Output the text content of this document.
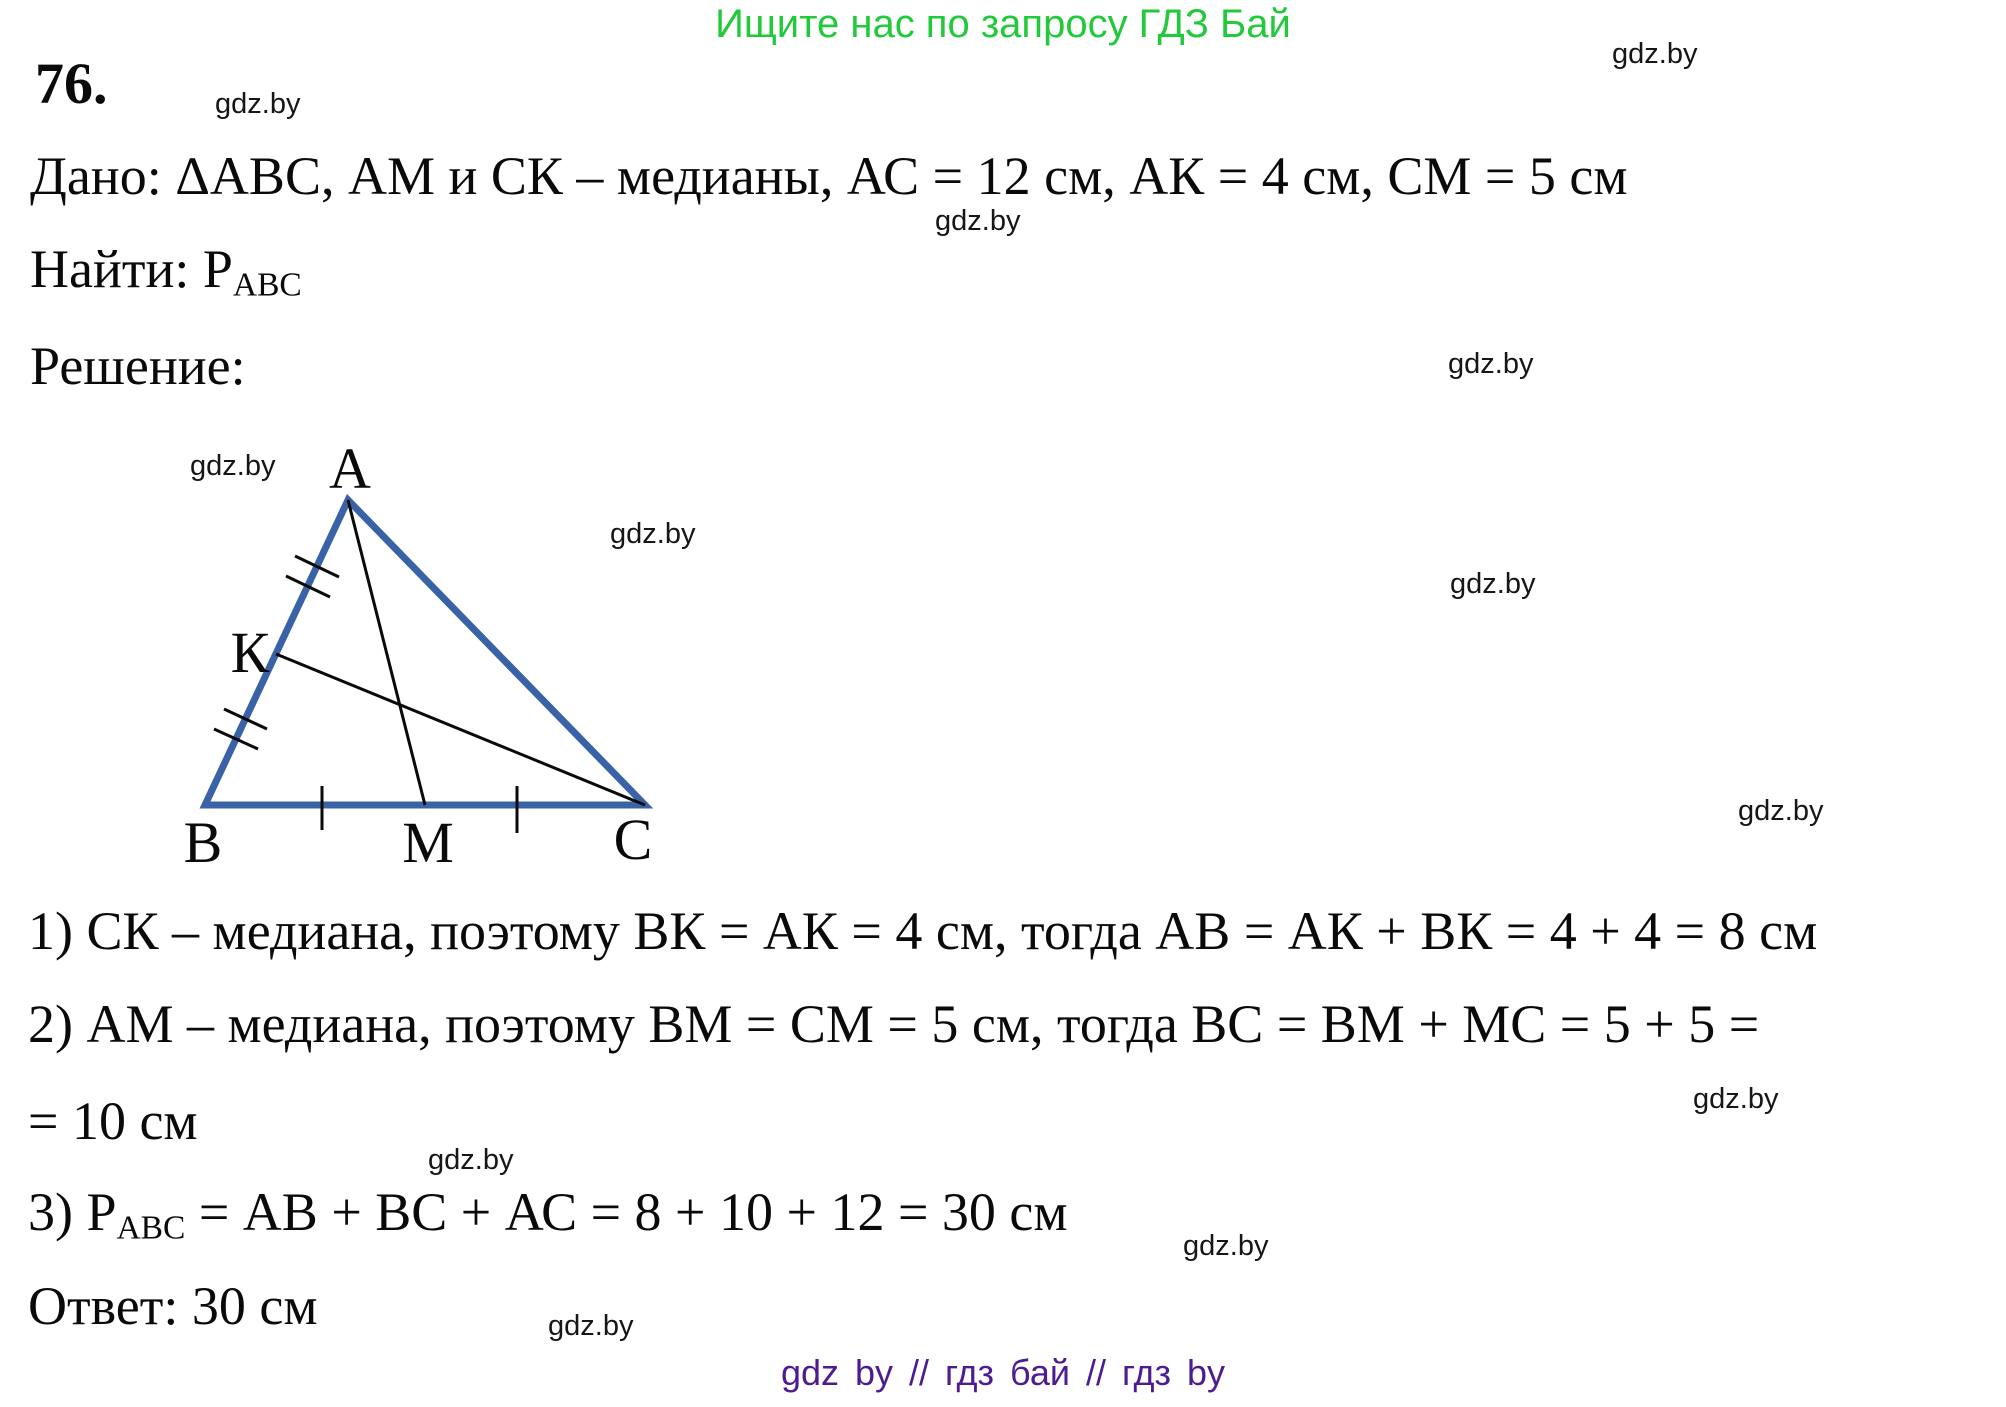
Ищите нас по запросу ГДЗ Бай
gdz.by
gdz.by
gdz.by
gdz.by
gdz.by
gdz.by
gdz.by
gdz.by
gdz.by
gdz.by
gdz.by
gdz.by
76.
Дано: ΔАВС, АМ и СК – медианы, АС = 12 см, АК = 4 см, СМ = 5 см
Найти: $Р_{АВС}$
Решение:
А
К
В	М	С
1) СК – медиана, поэтому ВК = АК = 4 см, тогда АВ = АК + ВК = 4 + 4 = 8 см
2) АМ – медиана, поэтому ВМ = СМ = 5 см, тогда ВС = ВМ + МС = 5 + 5 =
= 10 см
3) $Р_{АВС}$ = АВ + ВС + АС = 8 + 10 + 12 = 30 см
Ответ: 30 см
gdz by // гдз бай // гдз by
